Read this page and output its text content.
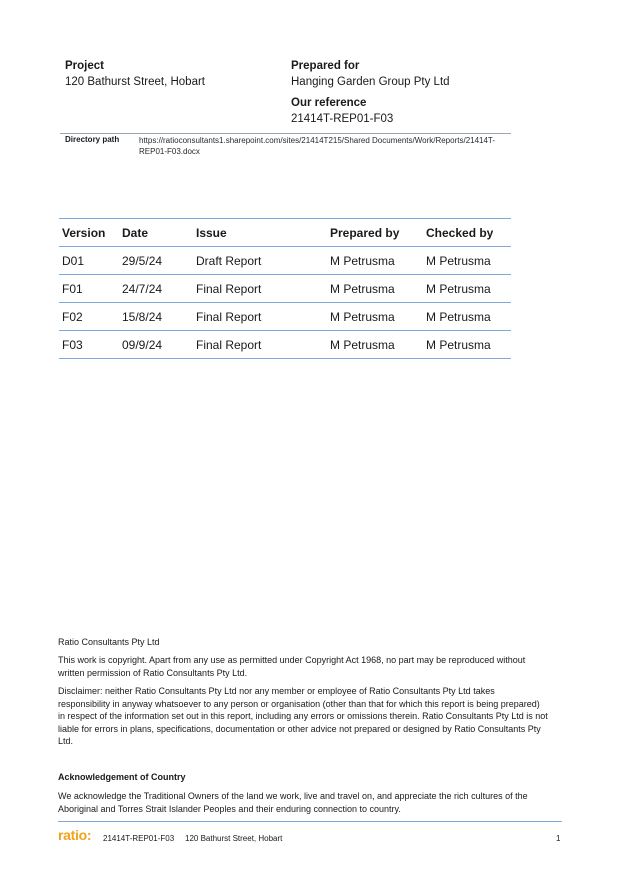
Project
120 Bathurst Street, Hobart
Prepared for
Hanging Garden Group Pty Ltd
Our reference
21414T-REP01-F03
Directory path https://ratioconsultants1.sharepoint.com/sites/21414T215/Shared Documents/Work/Reports/21414T-
REP01-F03.docx
Version	Date	Issue	Prepared by	Checked by
D01	29/5/24	Draft Report	M Petrusma	M Petrusma
F01	24/7/24	Final Report	M Petrusma	M Petrusma
F02	15/8/24	Final Report	M Petrusma	M Petrusma
F03	09/9/24	Final Report	M Petrusma	M Petrusma
Ratio Consultants Pty Ltd
This work is copyright. Apart from any use as permitted under Copyright Act 1968, no part may be reproduced without written permission of Ratio Consultants Pty Ltd.
Disclaimer: neither Ratio Consultants Pty Ltd nor any member or employee of Ratio Consultants Pty Ltd takes responsibility in anyway whatsoever to any person or organisation (other than that for which this report is being prepared) in respect of the information set out in this report, including any errors or omissions therein. Ratio Consultants Pty Ltd is not liable for errors in plans, specifications, documentation or other advice not prepared or designed by Ratio Consultants Pty Ltd.
Acknowledgement of Country
We acknowledge the Traditional Owners of the land we work, live and travel on, and appreciate the rich cultures of the Aboriginal and Torres Strait Islander Peoples and their enduring connection to country.
ratio: 21414T-REP01-F03 120 Bathurst Street, Hobart	1
